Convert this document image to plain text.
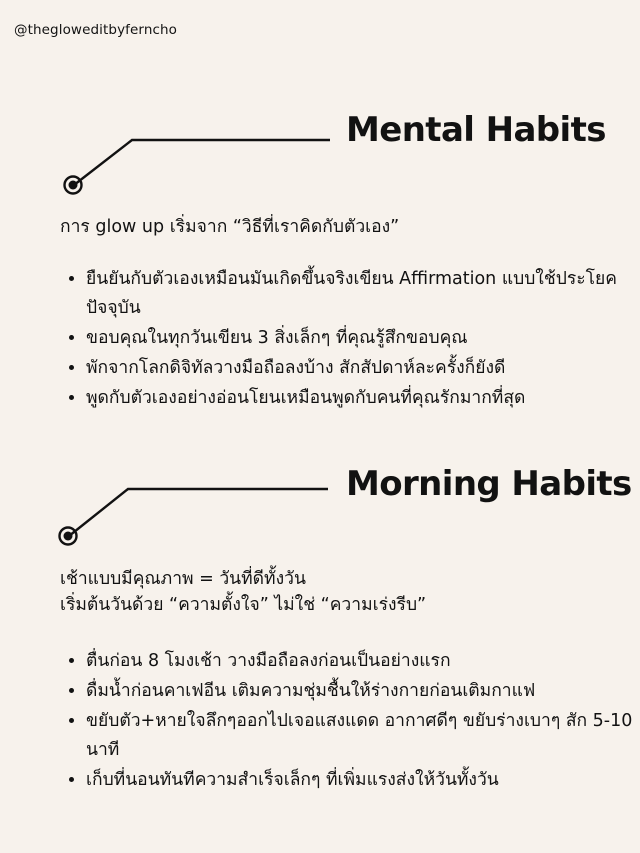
@thegloweditbyferncho
Mental Habits
การ glow up เริ่มจาก “วิธีที่เราคิดกับตัวเอง”
• ยืนยันกับตัวเองเหมือนมันเกิดขึ้นจริงเขียน Affirmation แบบใช้ประโยคปัจจุบัน
• ขอบคุณในทุกวันเขียน 3 สิ่งเล็กๆ ที่คุณรู้สึกขอบคุณ
• พักจากโลกดิจิทัลวางมือถือลงบ้าง สักสัปดาห์ละครั้งก็ยังดี
• พูดกับตัวเองอย่างอ่อนโยนเหมือนพูดกับคนที่คุณรักมากที่สุด
Morning Habits
เช้าแบบมีคุณภาพ = วันที่ดีทั้งวัน
เริ่มต้นวันด้วย “ความตั้งใจ” ไม่ใช่ “ความเร่งรีบ”
• ตื่นก่อน 8 โมงเช้า วางมือถือลงก่อนเป็นอย่างแรก
• ดื่มน้ำก่อนคาเฟอีน เติมความชุ่มชื้นให้ร่างกายก่อนเติมกาแฟ
• ขยับตัว+หายใจลึกๆออกไปเจอแสงแดด อากาศดีๆ ขยับร่างเบาๆ สัก 5-10 นาที
• เก็บที่นอนทันทีความสำเร็จเล็กๆ ที่เพิ่มแรงส่งให้วันทั้งวัน
